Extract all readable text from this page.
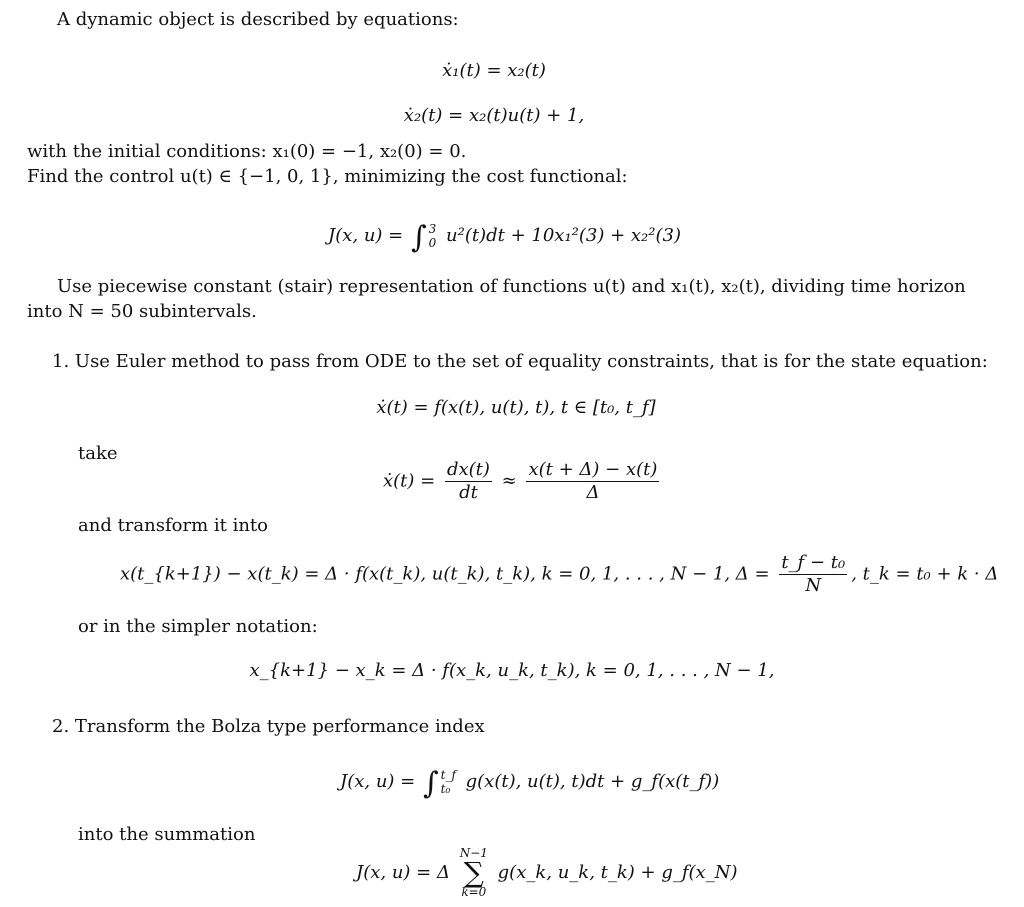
A dynamic object is described by equations:
ẋ₁(t) = x₂(t)
ẋ₂(t) = x₂(t)u(t) + 1,
with the initial conditions: x₁(0) = −1, x₂(0) = 0.
Find the control u(t) ∈ {−1, 0, 1}, minimizing the cost functional:
J(x, u) = ∫ 3
0 u²(t)dt + 10x₁²(3) + x₂²(3)
Use piecewise constant (stair) representation of functions u(t) and x₁(t), x₂(t), dividing time horizon
into N = 50 subintervals.
1. Use Euler method to pass from ODE to the set of equality constraints, that is for the state equation:
ẋ(t) = f(x(t), u(t), t), t ∈ [t₀, t_f]
take
ẋ(t) = $\frac{dx(t)}{dt} \approx \frac{x(t + \Delta) - x(t)}{\Delta}$
and transform it into
x(t_{k+1}) − x(t_k) = Δ · f(x(t_k), u(t_k), t_k), k = 0, 1, . . . , N − 1, $\Delta = \frac{\text{t\_f − t₀}}{N}$ , t_k = t₀ + k · Δ
or in the simpler notation:
x_{k+1} − x_k = Δ · f(x_k, u_k, t_k), k = 0, 1, . . . , N − 1,
2. Transform the Bolza type performance index
J(x, u) = ∫ t_f
t₀ g(x(t), u(t), t)dt + g_f(x(t_f))
into the summation
J(x, u) = Δ
N−1
∑
k=0
g(x_k, u_k, t_k) + g_f(x_N)
